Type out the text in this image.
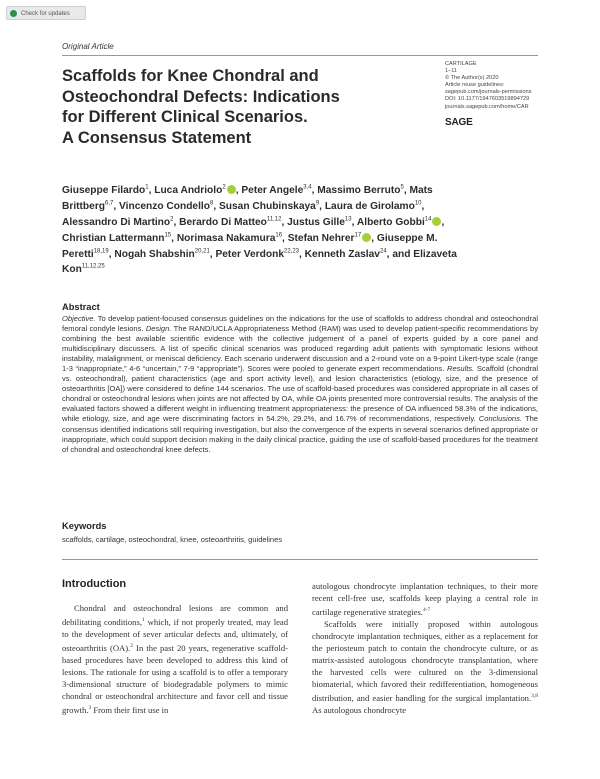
Check for updates
Original Article
Scaffolds for Knee Chondral and
Osteochondral Defects: Indications
for Different Clinical Scenarios.
A Consensus Statement
CARTILAGE
1–11
© The Author(s) 2020
Article reuse guidelines:
sagepub.com/journals-permissions
DOI: 10.1177/1947603519894729
journals.sagepub.com/home/CAR
SAGE
Giuseppe Filardo$^1$, Luca Andriolo$^2$ , Peter Angele$^{3,4}$, Massimo Berruto$^5$, Mats Brittberg$^{6,7}$, Vincenzo Condello$^8$, Susan Chubinskaya$^9$, Laura de Girolamo$^{10}$, Alessandro Di Martino$^2$, Berardo Di Matteo$^{11,12}$, Justus Gille$^{13}$, Alberto Gobbi$^{14}$ , Christian Lattermann$^{15}$, Norimasa Nakamura$^{16}$, Stefan Nehrer$^{17}$ , Giuseppe M. Peretti$^{18,19}$, Nogah Shabshin$^{20,21}$, Peter Verdonk$^{22,23}$, Kenneth Zaslav$^{24}$, and Elizaveta Kon$^{11,12,25}$
Abstract
Objective. To develop patient-focused consensus guidelines on the indications for the use of scaffolds to address chondral and osteochondral femoral condyle lesions. Design. The RAND/UCLA Appropriateness Method (RAM) was used to develop patient-specific recommendations by combining the best available scientific evidence with the collective judgement of a panel of experts guided by a core panel and multidisciplinary discussers. A list of specific clinical scenarios was produced regarding adult patients with symptomatic lesions without instability, malalignment, or meniscal deficiency. Each scenario underwent discussion and a 2-round vote on a 9-point Likert-type scale (range 1-3 “inappropriate,” 4-6 “uncertain,” 7-9 “appropriate”). Scores were pooled to generate expert recommendations. Results. Scaffold (chondral vs. osteochondral), patient characteristics (age and sport activity level), and lesion characteristics (etiology, size, and the presence of osteoarthritis [OA]) were considered to define 144 scenarios. The use of scaffold-based procedures was considered appropriate in all cases of chondral or osteochondral lesions when joints are not affected by OA, while OA joints presented more controversial results. The analysis of the evaluated factors showed a different weight in influencing treatment appropriateness: the presence of OA influenced 58.3% of the indications, while etiology, size, and age were discriminating factors in 54.2%, 29.2%, and 16.7% of recommendations, respectively. Conclusions. The consensus identified indications still requiring investigation, but also the convergence of the experts in several scenarios defined appropriate or inappropriate, which could support decision making in the daily clinical practice, guiding the use of scaffold-based procedures for the treatment of chondral and osteochondral knee defects.
Keywords
scaffolds, cartilage, osteochondral, knee, osteoarthritis, guidelines
Introduction
Chondral and osteochondral lesions are common and debilitating conditions,$^1$ which, if not properly treated, may lead to the development of sever articular defects and, ultimately, of osteoarthritis (OA).$^2$ In the past 20 years, regenerative scaffold-based procedures have been developed to address this kind of lesions. The rationale for using a scaffold is to offer a temporary 3-dimensional structure of biodegradable polymers to mimic chondral or osteochondral architecture and favor cell and tissue growth.$^3$ From their first use in
autologous chondrocyte implantation techniques, to their more recent cell-free use, scaffolds keep playing a central role in cartilage regenerative strategies.$^{4-7}$
Scaffolds were initially proposed within autologous chondrocyte implantation techniques, either as a replacement for the periosteum patch to contain the chondrocyte culture, or as matrix-assisted autologous chondrocyte transplantation, where the harvested cells were cultured on the 3-dimensional biomaterial, which favored their redifferentiation, homogeneous distribution, and easier handling for the surgical implantation.$^{3,8}$ As autologous chondrocyte
